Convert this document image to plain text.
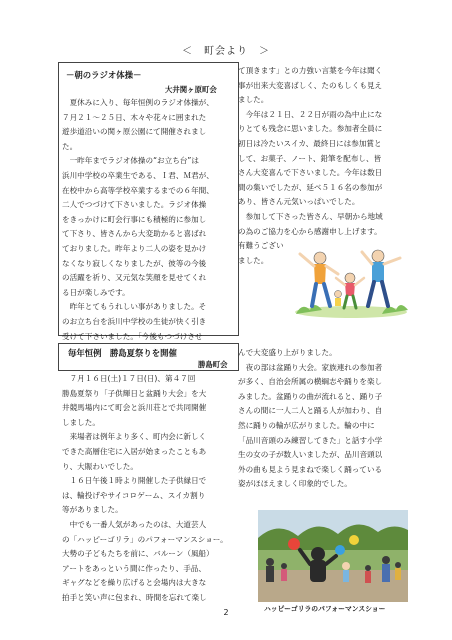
＜　町会より　＞
－朝のラジオ体操－
大井関ヶ原町会

　夏休みに入り、毎年恒例のラジオ体操が、

７月２１～２５日、木々や花々に囲まれた

遊歩道沿いの関ヶ原公園にて開催されまし

た。

　一昨年までラジオ体操の“お立ち台”は

浜川中学校の卒業生である、Ｉ君、Ｍ君が、

在校中から高等学校卒業するまでの６年間、

二人でつづけて下さいました。ラジオ体操

をきっかけに町会行事にも積極的に参加し

て下さり、皆さんから大変助かると喜ばれ

ておりました。昨年より二人の姿を見かけ

なくなり寂しくなりましたが、彼等の今後

の活躍を祈り、又元気な笑顔を見せてくれ

る日が楽しみです。

　昨年とてもうれしい事がありました。そ

のお立ち台を浜川中学校の生徒が快く引き

受けて下さいました。「今後もつづけさせ

て頂きます」との力強い言葉を今年は聞く

事が出来大変喜ばしく、たのもしくも見え

ました。

　今年は２１日、２２日が雨の為中止にな

りとても残念に思いました。参加者全員に

初日は冷たいスイカ、最終日には参加賞と

して、お菓子、ノート、鉛筆を配布し、皆

さん大変喜んで下さいました。今年は数日

間の集いでしたが、延べ５１６名の参加が

あり、皆さん元気いっぱいでした。

　参加して下さった皆さん、早朝から地域

の為のご協力を心から感謝申し上げます。

有難うござい

ました。

毎年恒例　勝島夏祭りを開催
勝島町会

　７月１６日(土)１７日(日)、第４７回

勝島夏祭り「子供輝日と盆踊り大会」を大

井競馬場内にて町会と浜川荘とで共同開催

しました。

　来場者は例年より多く、町内会に新しく

できた高層住宅に入居が始まったこともあ

り、大賑わいでした。

　１６日午後１時より開催した子供縁日で

は、輪投げやサイコロゲーム、スイカ割り

等がありました。

　中でも一番人気があったのは、大道芸人

の「ハッピーゴリラ」のパフォーマンスショー。

大勢の子どもたちを前に、バルーン（風船）

アートをあっという間に作ったり、手品、

ギャグなどを繰り広げると会場内は大きな

拍手と笑い声に包まれ、時間を忘れて楽し

んで大変盛り上がりました。

　夜の部は盆踊り大会。家族連れの参加者

が多く、自治会所属の横綱志や踊りを楽し

みました。盆踊りの曲が流れると、踊り子

さんの間に一人二人と踊る人が加わり、自

然に踊りの輪が広がりました。輪の中に

「品川音頭のみ練習してきた」と話す小学

生の女の子が数人いましたが、品川音頭以

外の曲も見よう見まねで楽しく踊っている

姿がほほえましく印象的でした。

ハッピーゴリラのパフォーマンスショー
2
